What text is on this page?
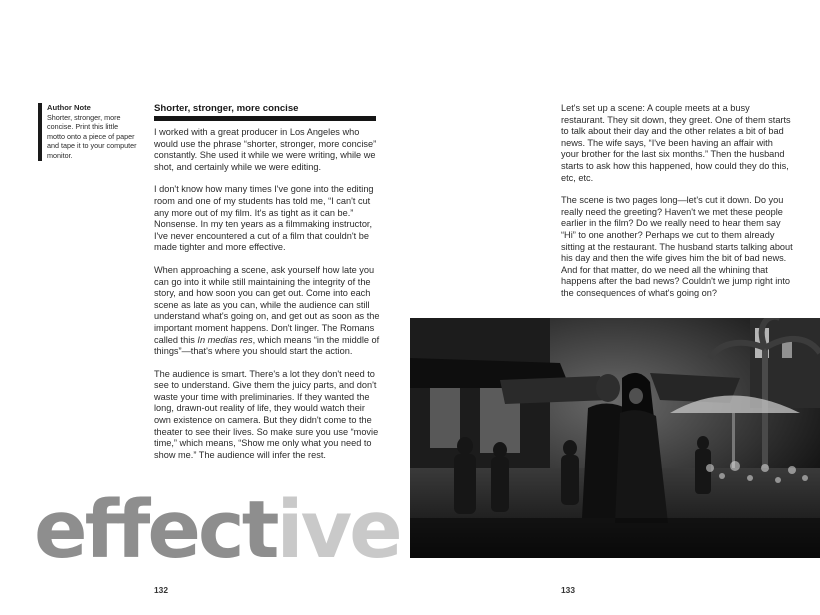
Author Note
Shorter, stronger, more concise. Print this little motto onto a piece of paper and tape it to your computer monitor.
Shorter, stronger, more concise

I worked with a great producer in Los Angeles who would use the phrase “shorter, stronger, more concise” constantly. She used it while we were writing, while we shot, and certainly while we were editing.

I don't know how many times I've gone into the editing room and one of my students has told me, “I can't cut any more out of my film. It's as tight as it can be.” Nonsense. In my ten years as a filmmaking instructor, I've never encountered a cut of a film that couldn't be made tighter and more effective.

When approaching a scene, ask yourself how late you can go into it while still maintaining the integrity of the story, and how soon you can get out. Come into each scene as late as you can, while the audience can still understand what's going on, and get out as soon as the important moment happens. Don't linger. The Romans called this In medias res, which means “in the middle of things”—that's where you should start the action.

The audience is smart. There's a lot they don't need to see to understand. Give them the juicy parts, and don't waste your time with preliminaries. If they wanted the long, drawn-out reality of life, they would watch their own existence on camera. But they didn't come to the theater to see their lives. So make sure you use “movie time,” which means, “Show me only what you need to show me.” The audience will infer the rest.

Let's set up a scene: A couple meets at a busy restaurant. They sit down, they greet. One of them starts to talk about their day and the other relates a bit of bad news. The wife says, “I've been having an affair with your brother for the last six months.” Then the husband starts to ask how this happened, how could they do this, etc, etc.

The scene is two pages long—let's cut it down. Do you really need the greeting? Haven't we met these people earlier in the film? Do we really need to hear them say “Hi” to one another? Perhaps we cut to them already sitting at the restaurant. The husband starts talking about his day and then the wife gives him the bit of bad news. And for that matter, do we need all the whining that happens after the bad news? Couldn't we jump right into the consequences of what's going on?

effective
132	133
